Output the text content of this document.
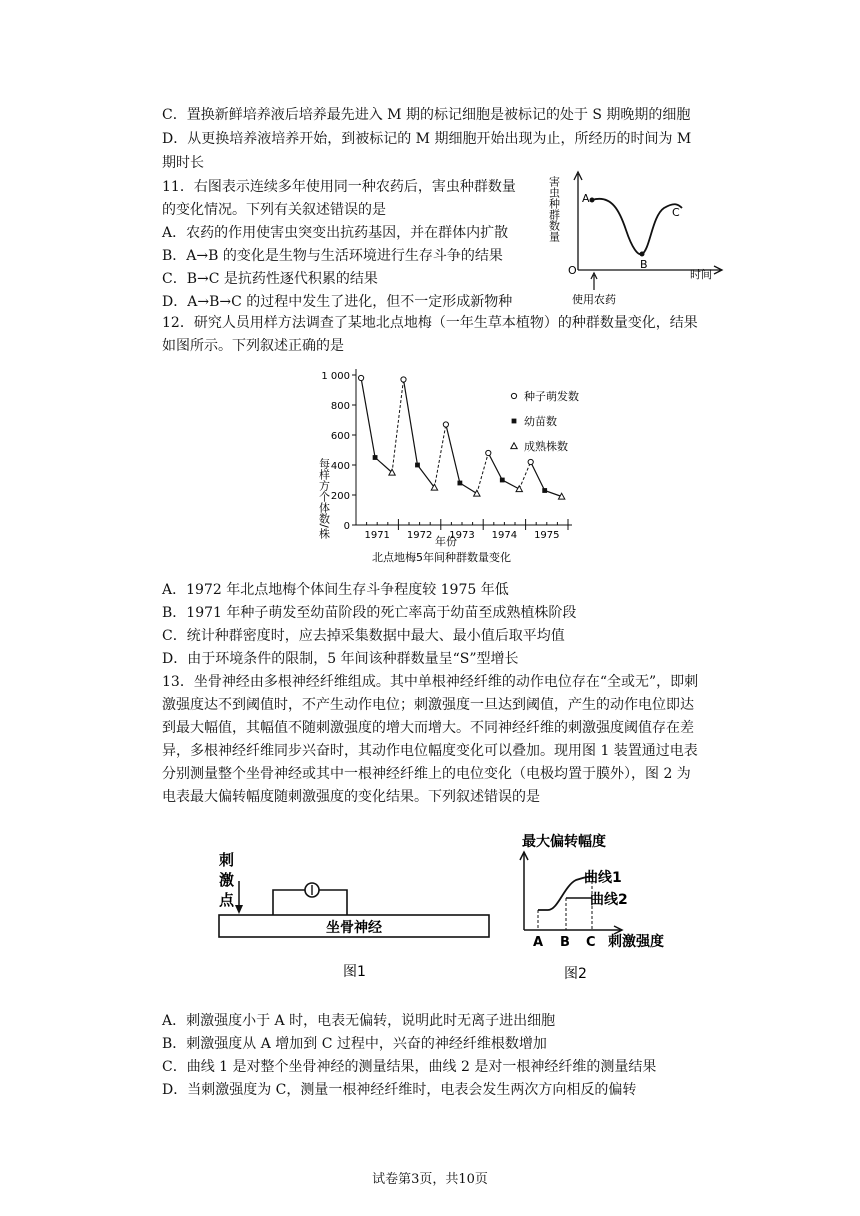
C．置换新鲜培养液后培养最先进入 M 期的标记细胞是被标记的处于 S 期晚期的细胞
D．从更换培养液培养开始，到被标记的 M 期细胞开始出现为止，所经历的时间为 M
期时长
11．右图表示连续多年使用同一种农药后，害虫种群数量
的变化情况。下列有关叙述错误的是
A．农药的作用使害虫突变出抗药基因，并在群体内扩散
B．A→B 的变化是生物与生活环境进行生存斗争的结果
C．B→C 是抗药性逐代积累的结果
D．A→B→C 的过程中发生了进化，但不一定形成新物种
害虫种群数量 A
B
C
O	时间
使用农药
12．研究人员用样方法调查了某地北点地梅（一年生草本植物）的种群数量变化，结果
如图所示。下列叙述正确的是
0
200
400
600
800
1 000
1971 1972 1973 1974 1975
种子萌发数
幼苗数
成熟株数
年份
北点地梅5年间种群数量变化
每样方个体数/株
A．1972 年北点地梅个体间生存斗争程度较 1975 年低
B．1971 年种子萌发至幼苗阶段的死亡率高于幼苗至成熟植株阶段
C．统计种群密度时，应去掉采集数据中最大、最小值后取平均值
D．由于环境条件的限制，5 年间该种群数量呈“S”型增长
13．坐骨神经由多根神经纤维组成。其中单根神经纤维的动作电位存在“全或无”，即刺
激强度达不到阈值时，不产生动作电位；刺激强度一旦达到阈值，产生的动作电位即达
到最大幅值，其幅值不随刺激强度的增大而增大。不同神经纤维的刺激强度阈值存在差
异，多根神经纤维同步兴奋时，其动作电位幅度变化可以叠加。现用图 1 装置通过电表
分别测量整个坐骨神经或其中一根神经纤维上的电位变化（电极均置于膜外），图 2 为
电表最大偏转幅度随刺激强度的变化结果。下列叙述错误的是
刺
激
点
坐骨神经
图1
最大偏转幅度
曲线1
曲线2
A B C 刺激强度
图2
A．刺激强度小于 A 时，电表无偏转，说明此时无离子进出细胞
B．刺激强度从 A 增加到 C 过程中，兴奋的神经纤维根数增加
C．曲线 1 是对整个坐骨神经的测量结果，曲线 2 是对一根神经纤维的测量结果
D．当刺激强度为 C，测量一根神经纤维时，电表会发生两次方向相反的偏转
试卷第3页，共10页
